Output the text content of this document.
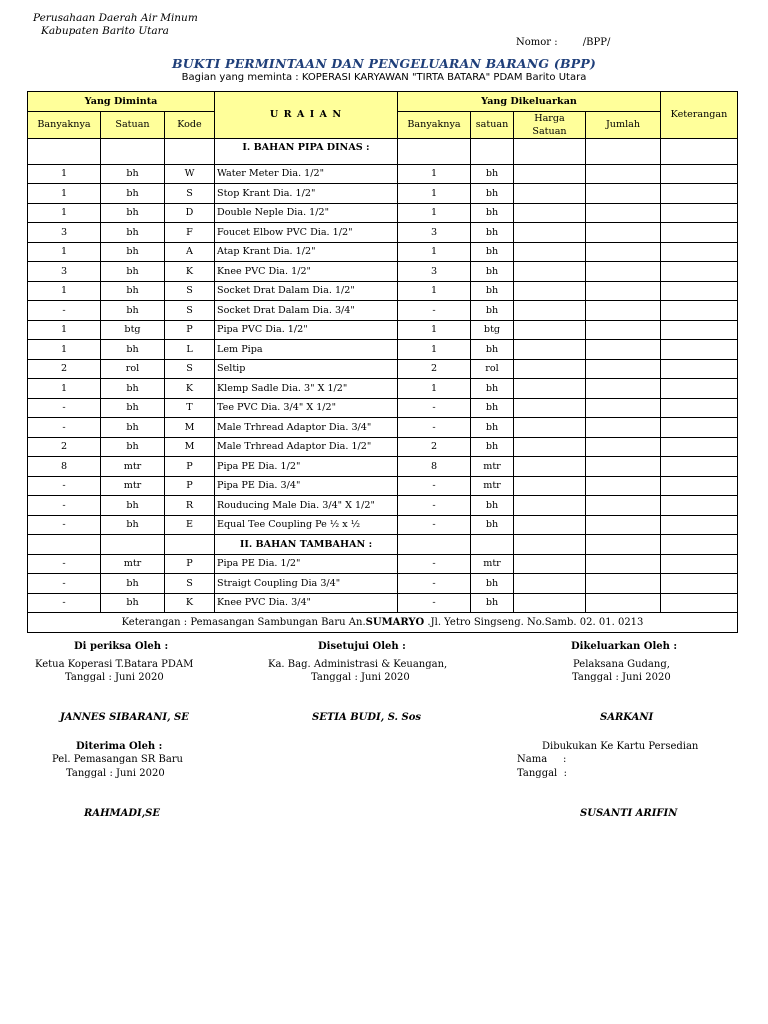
Perusahaan Daerah Air Minum
Kabupaten Barito Utara
Nomor :	/BPP/
BUKTI PERMINTAAN DAN PENGELUARAN BARANG (BPP)
Bagian yang meminta : KOPERASI KARYAWAN "TIRTA BATARA" PDAM Barito Utara
Yang Diminta			U R A I A N	Yang Dikeluarkan				Keterangan
Banyaknya	Satuan	Kode		Banyaknya	satuan	Harga
Satuan	Jumlah	
			I. BAHAN PIPA DINAS :					
1	bh	W	Water Meter Dia. 1/2"	1	bh			
1	bh	S	Stop Krant Dia. 1/2"	1	bh			
1	bh	D	Double Neple Dia. 1/2"	1	bh			
3	bh	F	Foucet Elbow PVC Dia. 1/2"	3	bh			
1	bh	A	Atap Krant Dia. 1/2"	1	bh			
3	bh	K	Knee PVC Dia. 1/2"	3	bh			
1	bh	S	Socket Drat Dalam Dia. 1/2"	1	bh			
-	bh	S	Socket Drat Dalam Dia. 3/4"	-	bh			
1	btg	P	Pipa PVC Dia. 1/2"	1	btg			
1	bh	L	Lem Pipa	1	bh			
2	rol	S	Seltip	2	rol			
1	bh	K	Klemp Sadle Dia. 3" X 1/2"	1	bh			
-	bh	T	Tee PVC Dia. 3/4" X 1/2"	-	bh			
-	bh	M	Male Trhread Adaptor Dia. 3/4"	-	bh			
2	bh	M	Male Trhread Adaptor Dia. 1/2"	2	bh			
8	mtr	P	Pipa PE Dia. 1/2"	8	mtr			
-	mtr	P	Pipa PE Dia. 3/4"	-	mtr			
-	bh	R	Rouducing Male Dia. 3/4" X 1/2"	-	bh			
-	bh	E	Equal Tee Coupling Pe ½ x ½	-	bh			
			II. BAHAN TAMBAHAN :					
-	mtr	P	Pipa PE Dia. 1/2"	-	mtr			
-	bh	S	Straigt Coupling Dia 3/4"	-	bh			
-	bh	K	Knee PVC Dia. 3/4"	-	bh			
Keterangan : Pemasangan Sambungan Baru An.SUMARYO .Jl. Yetro Singseng. No.Samb. 02. 01. 0213								
Di periksa Oleh :
Ketua Koperasi T.Batara PDAM
Tanggal : Juni 2020
JANNES SIBARANI, SE
Disetujui Oleh :
Ka. Bag. Administrasi & Keuangan,
Tanggal : Juni 2020
SETIA BUDI, S. Sos
Dikeluarkan Oleh :
Pelaksana Gudang,
Tanggal : Juni 2020
SARKANI
Diterima Oleh :
Pel. Pemasangan SR Baru
Tanggal : Juni 2020
RAHMADI,SE
Dibukukan Ke Kartu Persedian
Nama     :
Tanggal  :
SUSANTI ARIFIN
